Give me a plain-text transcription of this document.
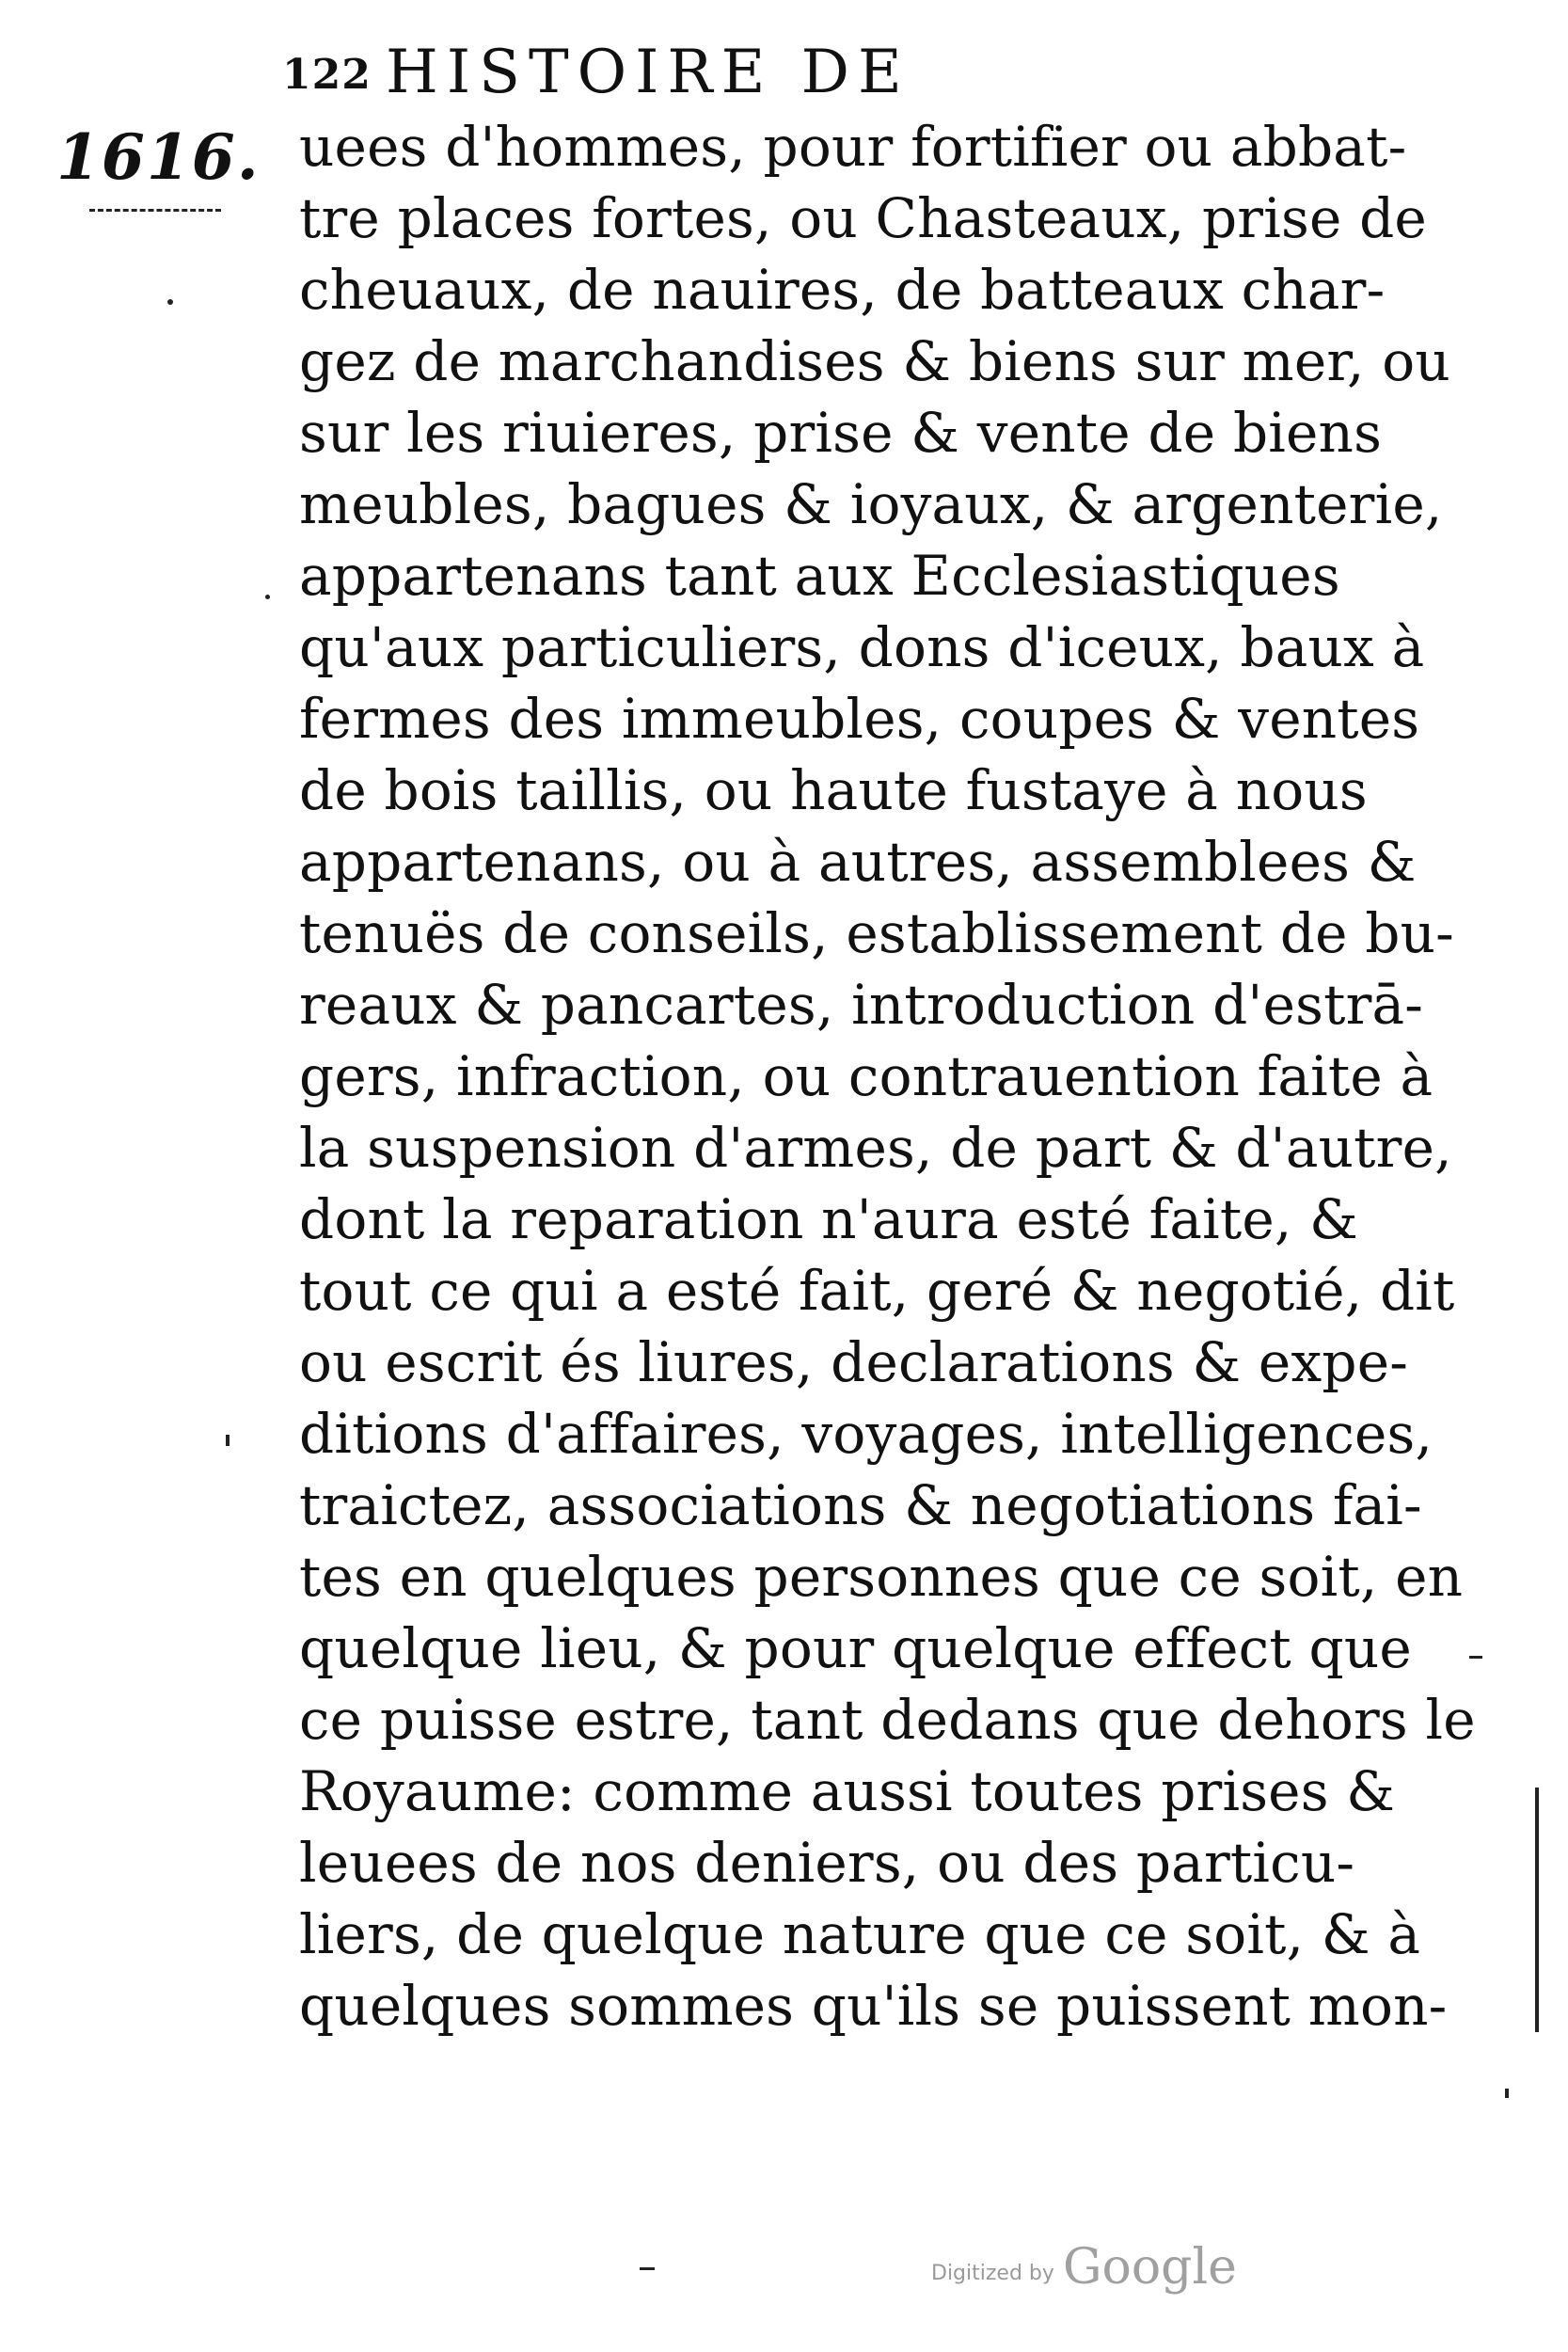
122 HISTOIRE DE
1616. uees d'hommes, pour fortifier ou abbat-
tre places fortes, ou Chasteaux, prise de
cheuaux, de nauires, de batteaux char-
gez de marchandises & biens sur mer, ou
sur les riuieres, prise & vente de biens
meubles, bagues & ioyaux, & argenterie,
appartenans tant aux Ecclesiastiques
qu'aux particuliers, dons d'iceux, baux à
fermes des immeubles, coupes & ventes
de bois taillis, ou haute fustaye à nous
appartenans, ou à autres, assemblees &
tenuës de conseils, establissement de bu-
reaux & pancartes, introduction d'estrā-
gers, infraction, ou contrauention faite à
la suspension d'armes, de part & d'autre,
dont la reparation n'aura esté faite, &
tout ce qui a esté fait, geré & negotié, dit
ou escrit és liures, declarations & expe-
ditions d'affaires, voyages, intelligences,
traictez, associations & negotiations fai-
tes en quelques personnes que ce soit, en
quelque lieu, & pour quelque effect que
ce puisse estre, tant dedans que dehors le
Royaume: comme aussi toutes prises &
leuees de nos deniers, ou des particu-
liers, de quelque nature que ce soit, & à
quelques sommes qu'ils se puissent mon-
Digitized by Google
